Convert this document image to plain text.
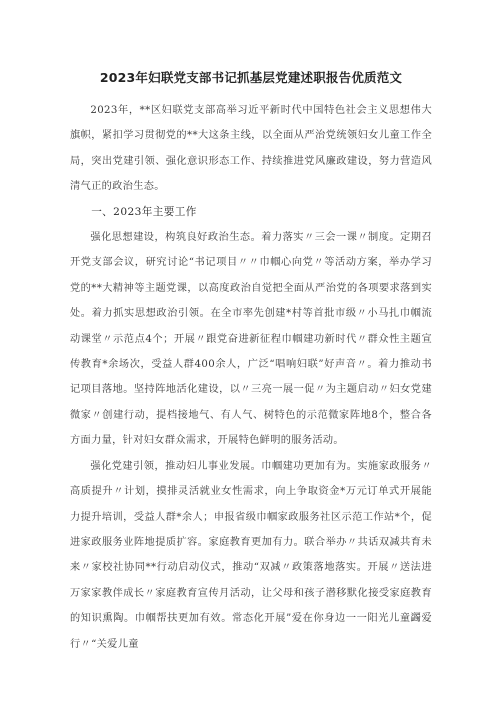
2023年妇联党支部书记抓基层党建述职报告优质范文

2023年，**区妇联党支部高举习近平新时代中国特色社会主义思想伟大旗帜，紧扣学习贯彻党的**大这条主线，以全面从严治党统领妇女儿童工作全局，突出党建引领、强化意识形态工作、持续推进党风廉政建设，努力营造风清气正的政治生态。

一、2023年主要工作

强化思想建设，构筑良好政治生态。着力落实〃三会一课〃制度。定期召开党支部会议，研究讨论“书记项目〃〃巾帼心向党〃等活动方案，举办学习党的**大精神等主题党课，以高度政治自觉把全面从严治党的各项要求落到实处。着力抓实思想政治引领。在全市率先创建*村等首批市级〃小马扎巾帼流动课堂〃示范点4个；开展〃跟党奋进新征程巾帼建功新时代〃群众性主题宣传教育*余场次，受益人群400余人，广泛“唱响妇联”好声音〃。着力推动书记项目落地。坚持阵地活化建设，以〃三亮一展一促〃为主题启动〃妇女党建微家〃创建行动，提档接地气、有人气、树特色的示范微家阵地8个，整合各方面力量，针对妇女群众需求，开展特色鲜明的服务活动。

强化党建引领，推动妇儿事业发展。巾帼建功更加有为。实施家政服务〃高质提升〃计划，摸排灵活就业女性需求，向上争取资金*万元订单式开展能力提升培训，受益人群*余人；申报省级巾帼家政服务社区示范工作站*个，促进家政服务业阵地提质扩容。家庭教育更加有力。联合举办〃共话双减共育未来〃家校社协同**行动启动仪式，推动“双减〃政策落地落实。开展〃送法进万家家教伴成长〃家庭教育宣传月活动，让父母和孩子潜移默化接受家庭教育的知识熏陶。巾帼帮扶更加有效。常态化开展”爱在你身边一一阳光儿童蠲爱行〃“关爱儿童
